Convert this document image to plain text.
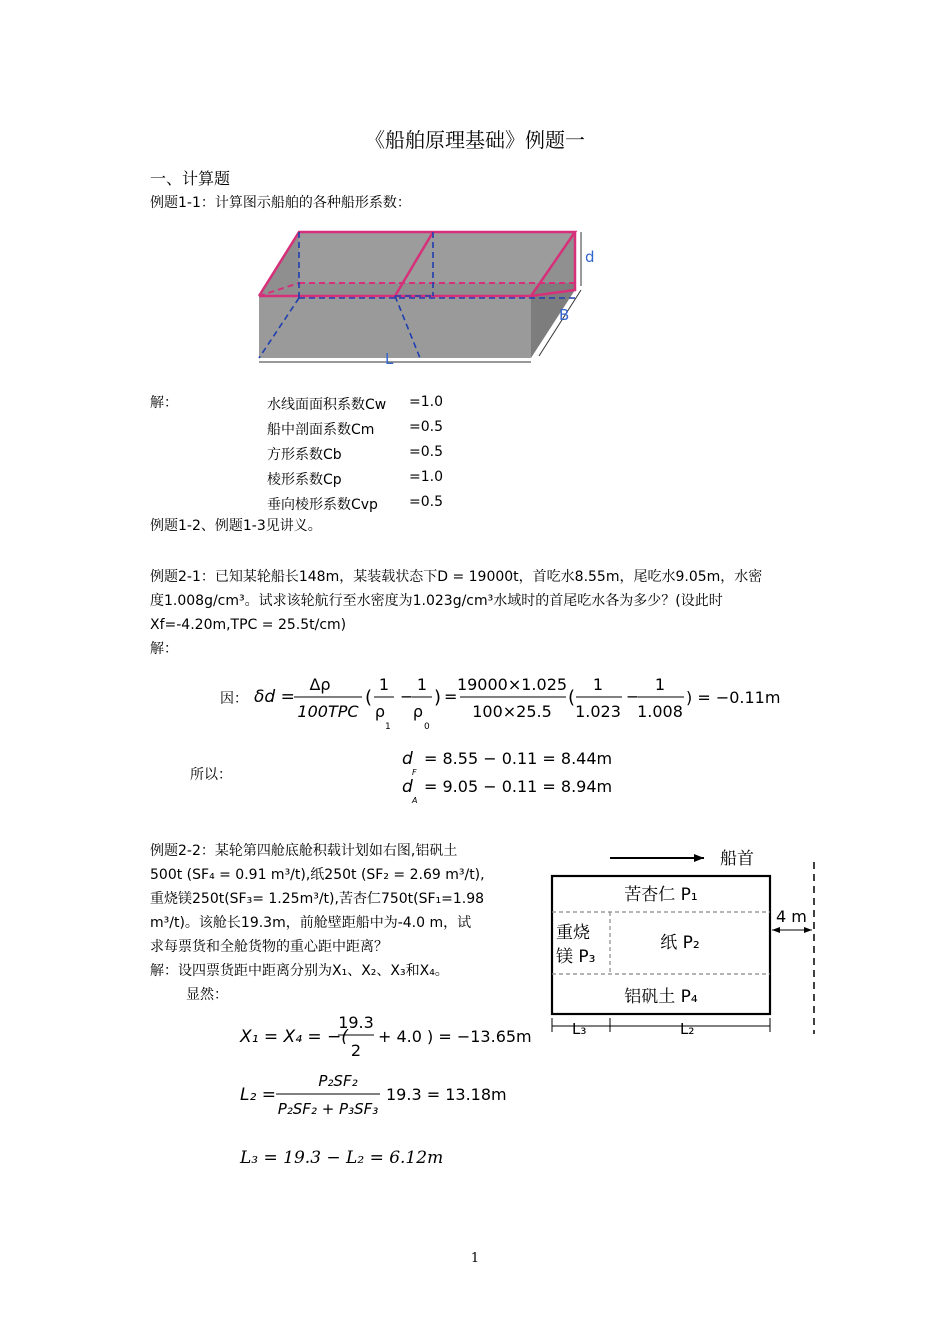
《船舶原理基础》例题一
一、计算题
例题1-1：计算图示船舶的各种船形系数：
d
B
L
解：	水线面面积系数Cw =1.0
船中剖面系数Cm =0.5
方形系数Cb	=0.5
棱形系数Cp	=1.0
垂向棱形系数Cvp =0.5
例题1-2、例题1-3见讲义。
例题2-1：已知某轮船长148m，某装载状态下D = 19000t，首吃水8.55m，尾吃水9.05m，水密
度1.008g/cm³。试求该轮航行至水密度为1.023g/cm³水域时的首尾吃水各为多少？(设此时
Xf=-4.20m,TPC = 25.5t/cm)
解：
因： δd =
Δρ
100TPC
(
1
ρ
1
−
1
ρ
0
) =
19000×1.025
100×25.5
(
1
1.023
−
1
1.008
) = −0.11m
所以：
d
F
= 8.55 − 0.11 = 8.44m
d
A
= 9.05 − 0.11 = 8.94m
例题2-2：某轮第四舱底舱积载计划如右图,铝矾土
500t (SF₄ = 0.91 m³/t),纸250t (SF₂ = 2.69 m³/t),
重烧镁250t(SF₃= 1.25m³/t),苦杏仁750t(SF₁=1.98
m³/t)。该舱长19.3m，前舱壁距船中为-4.0 m，试
求每票货和全舱货物的重心距中距离？
解：设四票货距中距离分别为X₁、X₂、X₃和X₄。
显然：
船首
苦杏仁 P₁
纸 P₂
重烧
镁 P₃
铝矾土 P₄
4 m
L₃	L₂
X₁ = X₄ = −(
19.3
2
+ 4.0 ) = −13.65m
L₂ =
P₂SF₂
P₂SF₂ + P₃SF₃
19.3 = 13.18m
L₃ = 19.3 − L₂ = 6.12m
1
